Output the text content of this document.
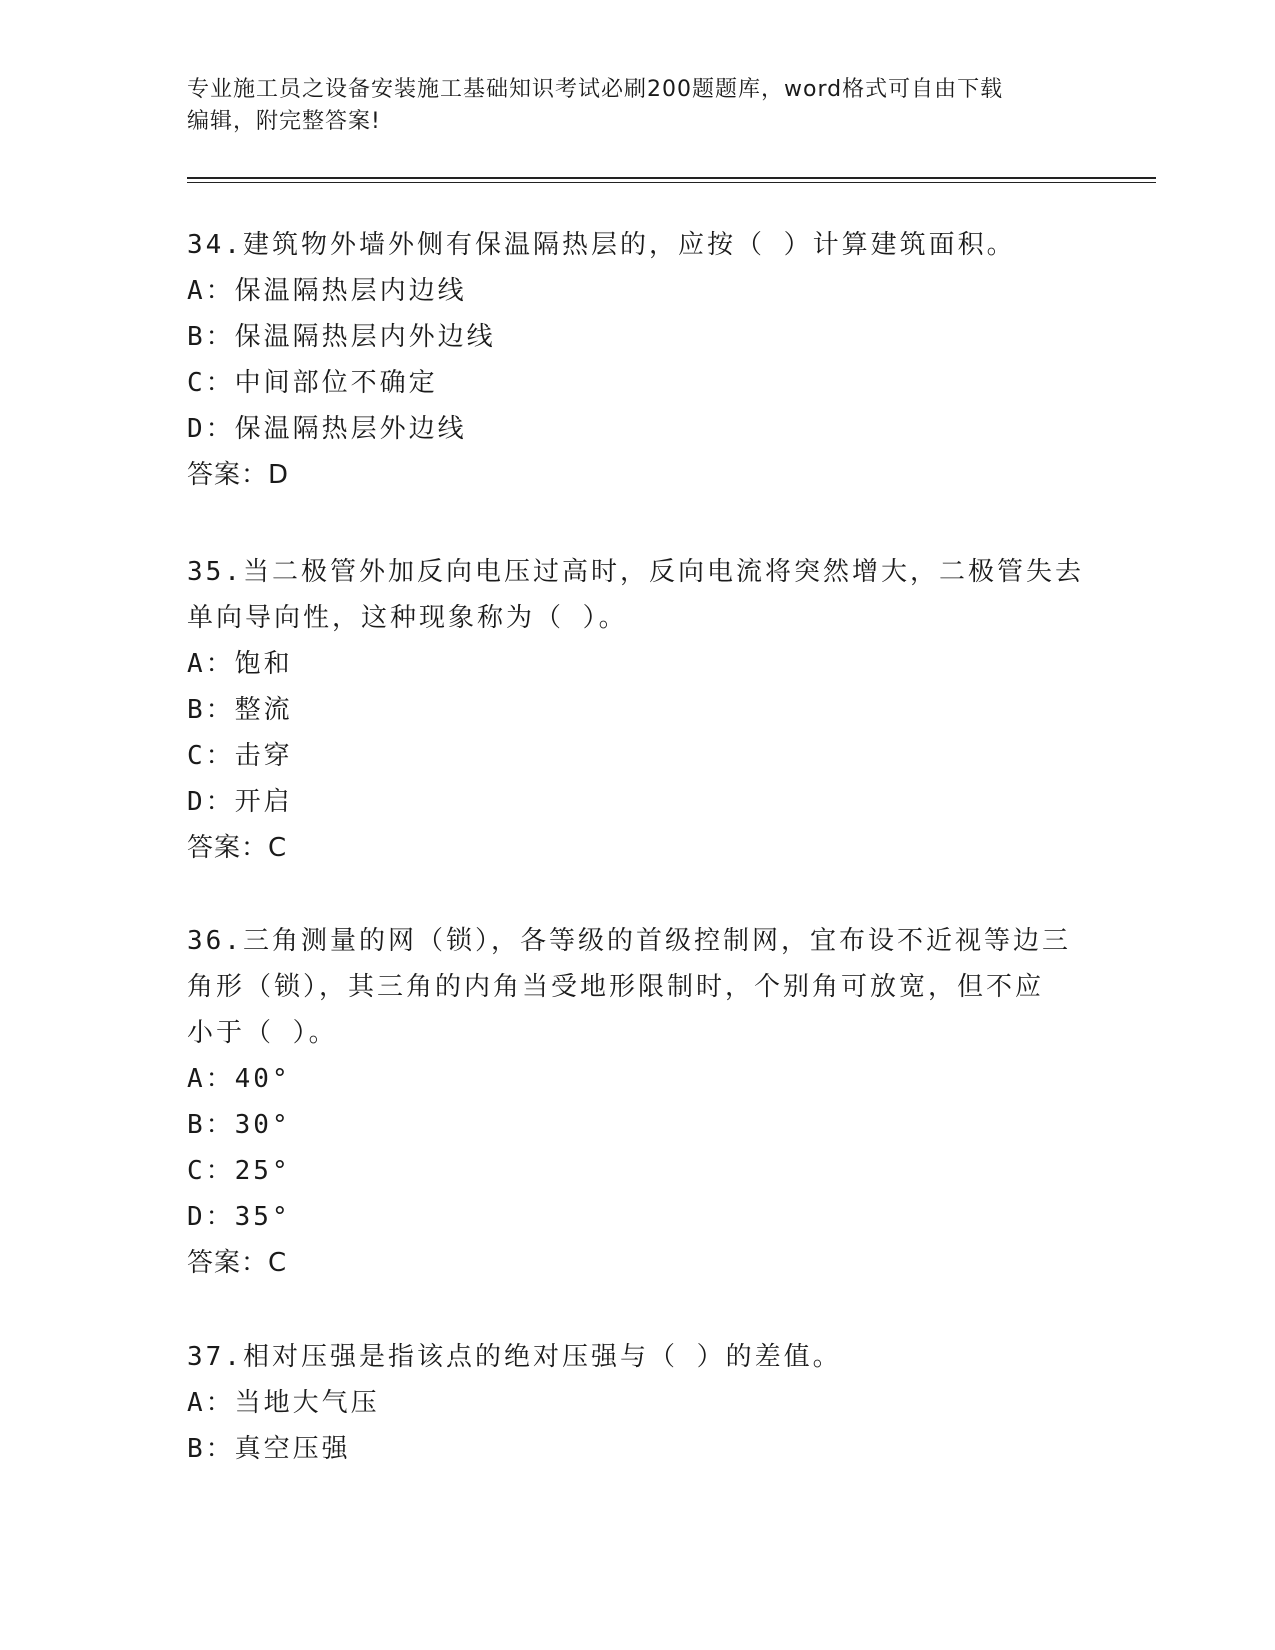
专业施工员之设备安装施工基础知识考试必刷200题题库，word格式可自由下载
编辑，附完整答案!
34.建筑物外墙外侧有保温隔热层的，应按（ ）计算建筑面积。
A：保温隔热层内边线
B：保温隔热层内外边线
C：中间部位不确定
D：保温隔热层外边线
答案：D
35.当二极管外加反向电压过高时，反向电流将突然增大，二极管失去
单向导向性，这种现象称为（ ）。
A：饱和
B：整流
C：击穿
D：开启
答案：C
36.三角测量的网（锁），各等级的首级控制网，宜布设不近视等边三
角形（锁），其三角的内角当受地形限制时，个别角可放宽，但不应
小于（ ）。
A：40°
B：30°
C：25°
D：35°
答案：C
37.相对压强是指该点的绝对压强与（ ）的差值。
A：当地大气压
B：真空压强
